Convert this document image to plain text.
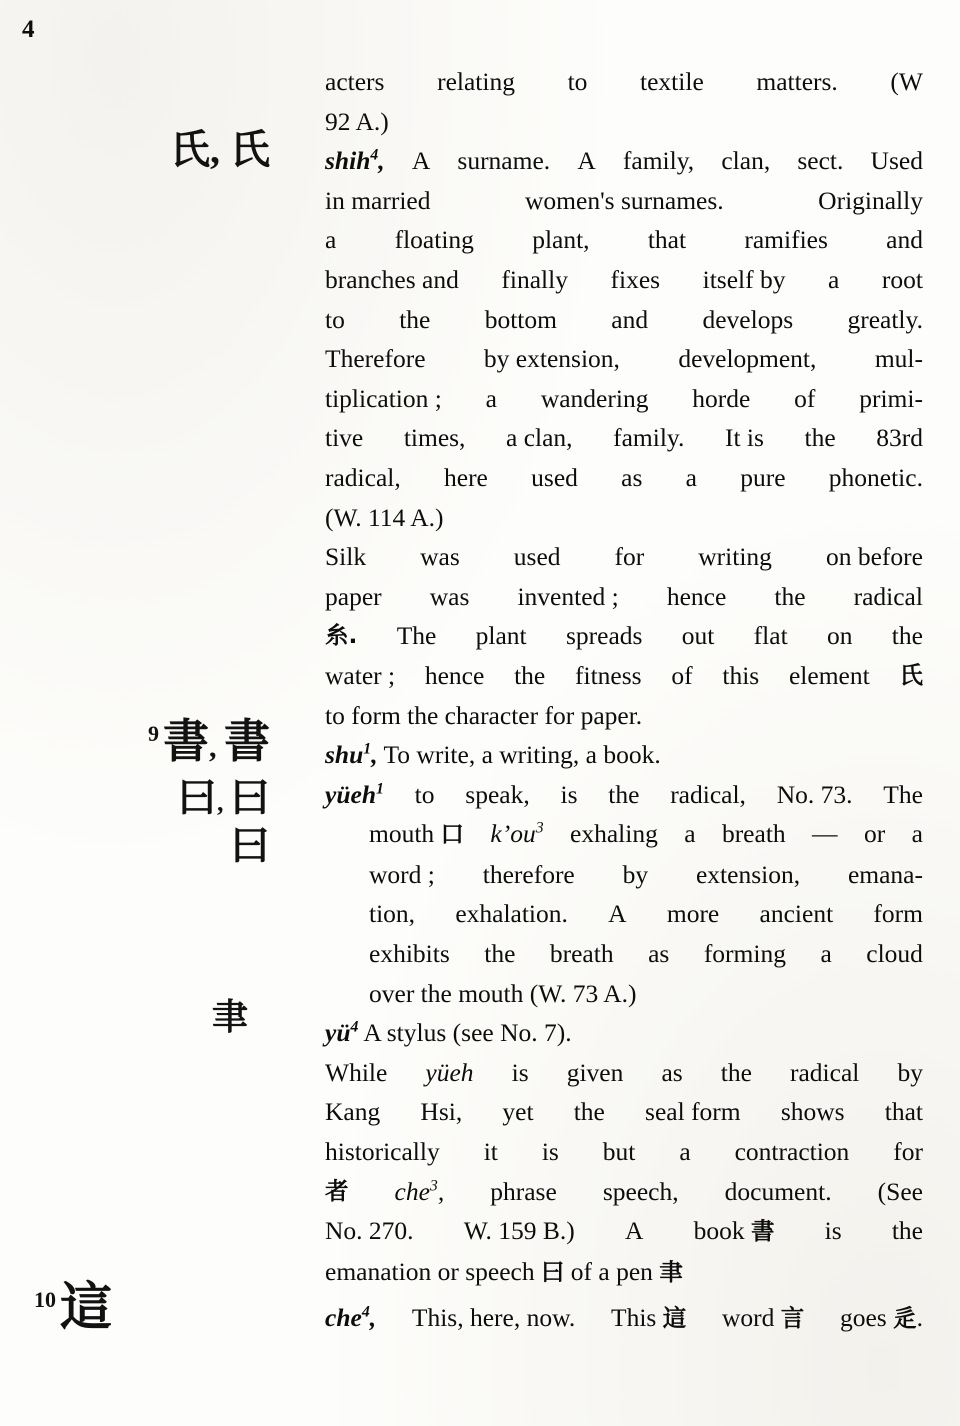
4
氏, 氏
acters relating to textile matters. (W
92 A.)
shih$^4$, A surname. A family, clan, sect. Used
in married	women's surnames.	Originally
a floating plant, that ramifies and
branches and finally fixes itself by a root
to the bottom and develops greatly.
Therefore by extension, development, mul-
tiplication ; a wandering horde of primi-
tive times, a clan, family. It is the 83rd
radical, here used as a pure phonetic.
(W. 114 A.)
Silk was used for writing on before
paper was invented ; hence the radical
糸. The plant spreads out flat on the
water ; hence the fitness of this element 氏
to form the character for paper.
$^9$書, 書
曰, 曰
曰
聿
shu$^1$, To write, a writing, a book.
yüeh$^1$ to speak, is the radical, No. 73. The
mouth 口 $k’ou^3$ exhaling a breath — or a
word ; therefore by extension, emana-
tion, exhalation. A more ancient form
exhibits the breath as forming a cloud
over the mouth (W. 73 A.)
$yü^4$ A stylus (see No. 7).
While yüeh is given as the radical by
Kang Hsi, yet the seal form shows that
historically it is but a contraction for
者 che$^3$, phrase speech, document. (See
No. 270. W. 159 B.) A book 書 is the
emanation or speech 曰 of a pen 聿
$^{10}$這	che$^4$, This, here, now. This 這 word 言 goes 辵.
